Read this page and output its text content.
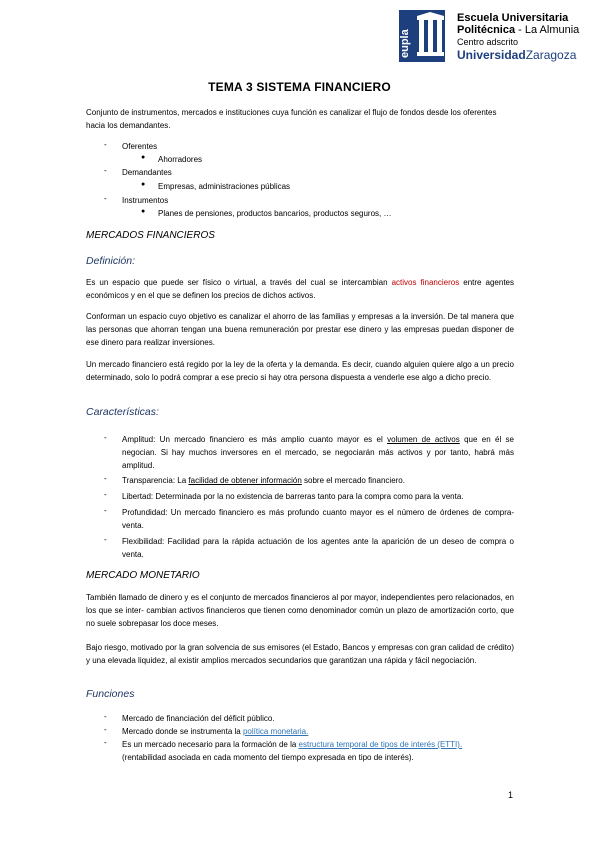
eupla
Escuela Universitaria
Politécnica - La Almunia
Centro adscrito
UniversidadZaragoza
TEMA 3 SISTEMA FINANCIERO
Conjunto de instrumentos, mercados e instituciones cuya función es canalizar el flujo de fondos desde los oferentes hacia los demandantes.
- Oferentes
● Ahorradores
- Demandantes
● Empresas, administraciones públicas
- Instrumentos
● Planes de pensiones, productos bancarios, productos seguros, …
MERCADOS FINANCIEROS
Definición:
Es un espacio que puede ser físico o virtual, a través del cual se intercambian activos financieros entre agentes económicos y en el que se definen los precios de dichos activos.
Conforman un espacio cuyo objetivo es canalizar el ahorro de las familias y empresas a la inversión. De tal manera que las personas que ahorran tengan una buena remuneración por prestar ese dinero y las empresas puedan disponer de ese dinero para realizar inversiones.
Un mercado financiero está regido por la ley de la oferta y la demanda. Es decir, cuando alguien quiere algo a un precio determinado, solo lo podrá comprar a ese precio si hay otra persona dispuesta a venderle ese algo a dicho precio.
Características:
- Amplitud: Un mercado financiero es más amplio cuanto mayor es el volumen de activos que en él se negocian. Si hay muchos inversores en el mercado, se negociarán más activos y por tanto, habrá más amplitud.
- Transparencia: La facilidad de obtener información sobre el mercado financiero.
- Libertad: Determinada por la no existencia de barreras tanto para la compra como para la venta.
- Profundidad: Un mercado financiero es más profundo cuanto mayor es el número de órdenes de compra-venta.
- Flexibilidad: Facilidad para la rápida actuación de los agentes ante la aparición de un deseo de compra o venta.
MERCADO MONETARIO
También llamado de dinero y es el conjunto de mercados financieros al por mayor, independientes pero relacionados, en los que se inter- cambian activos financieros que tienen como denominador común un plazo de amortización corto, que no suele sobrepasar los doce meses.
Bajo riesgo, motivado por la gran solvencia de sus emisores (el Estado, Bancos y empresas con gran calidad de crédito) y una elevada liquidez, al existir amplios mercados secundarios que garantizan una rápida y fácil negociación.
Funciones
- Mercado de financiación del déficit público.
- Mercado donde se instrumenta la política monetaria.
- Es un mercado necesario para la formación de la estructura temporal de tipos de interés (ETTI).
(rentabilidad asociada en cada momento del tiempo expresada en tipo de interés).
1
